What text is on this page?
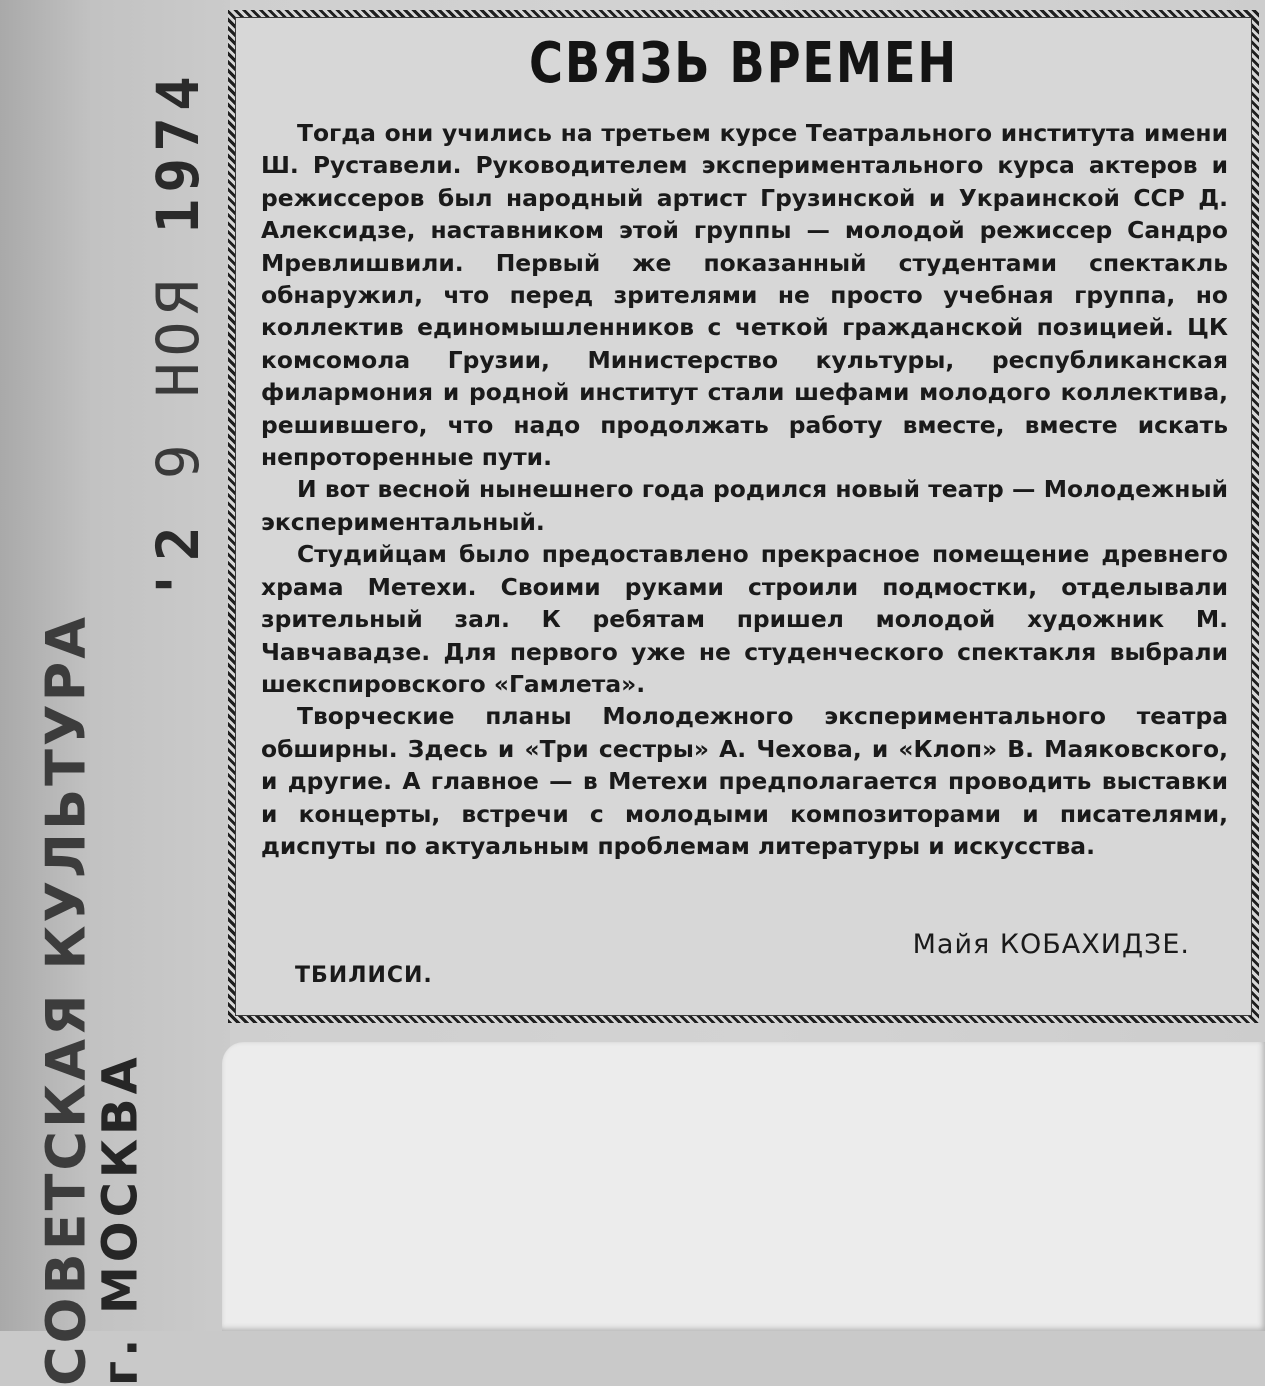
'2 9 НОЯ 1974
СОВЕТСКАЯ КУЛЬТУРА
г. МОСКВА
СВЯЗЬ ВРЕМЕН

Тогда они учились на третьем курсе Театрального института имени Ш. Руставели. Руководителем экспериментального курса актеров и режиссеров был народный артист Грузинской и Украинской ССР Д. Алексидзе, наставником этой группы — молодой режиссер Сандро Мревлишвили. Первый же показанный студентами спектакль обнаружил, что перед зрителями не просто учебная группа, но коллектив единомышленников с четкой гражданской позицией. ЦК комсомола Грузии, Министерство культуры, республиканская филармония и родной институт стали шефами молодого коллектива, решившего, что надо продолжать работу вместе, вместе искать непроторенные пути.

И вот весной нынешнего года родился новый театр — Молодежный экспериментальный.

Студийцам было предоставлено прекрасное помещение древнего храма Метехи. Своими руками строили подмостки, отделывали зрительный зал. К ребятам пришел молодой художник М. Чавчавадзе. Для первого уже не студенческого спектакля выбрали шекспировского «Гамлета».

Творческие планы Молодежного экспериментального театра обширны. Здесь и «Три сестры» А. Чехова, и «Клоп» В. Маяковского, и другие. А главное — в Метехи предполагается проводить выставки и концерты, встречи с молодыми композиторами и писателями, диспуты по актуальным проблемам литературы и искусства.

Майя КОБАХИДЗЕ.
ТБИЛИСИ.
